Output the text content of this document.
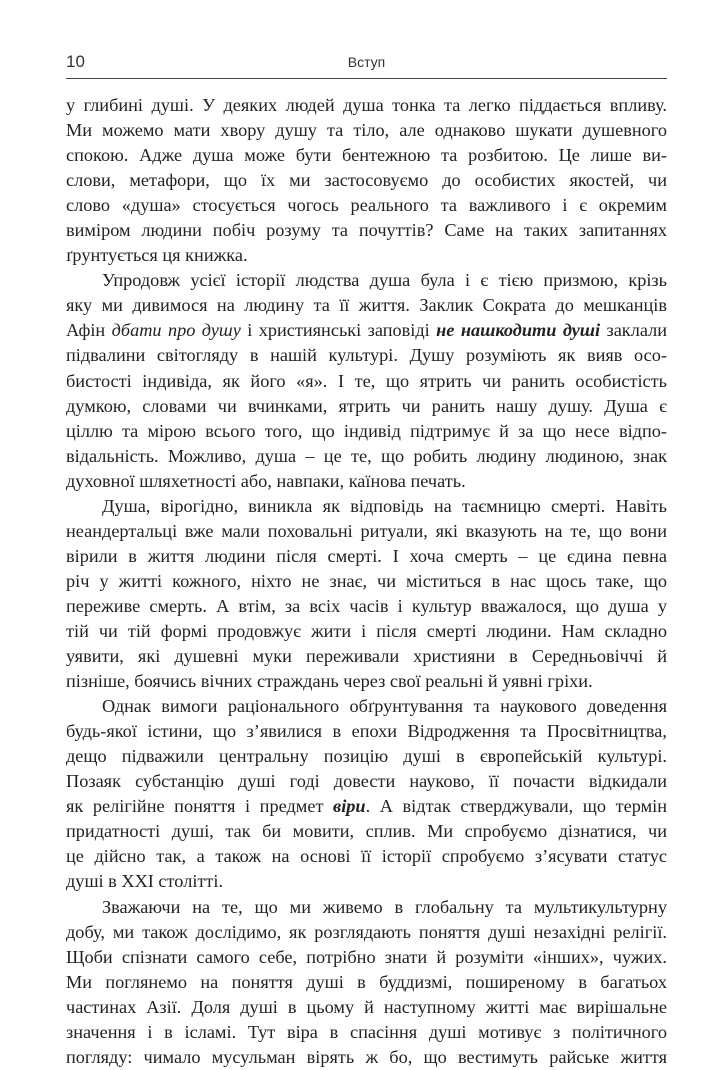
10	Вступ

у глибині душі. У деяких людей душа тонка та легко піддається впливу.
Ми можемо мати хвору душу та тіло, але однаково шукати душевного
спокою. Адже душа може бути бентежною та розбитою. Це лише ви-
слови, метафори, що їх ми застосовуємо до особистих якостей, чи
слово «душа» стосується чогось реального та важливого і є окремим
виміром людини побіч розуму та почуттів? Саме на таких запитаннях
ґрунтується ця книжка.

Упродовж усієї історії людства душа була і є тією призмою, крізь
яку ми дивимося на людину та її життя. Заклик Сократа до мешканців
Афін дбати про душу і християнські заповіді не нашкодити душі заклали
підвалини світогляду в нашій культурі. Душу розуміють як вияв осо-
бистості індивіда, як його «я». І те, що ятрить чи ранить особистість
думкою, словами чи вчинками, ятрить чи ранить нашу душу. Душа є
ціллю та мірою всього того, що індивід підтримує й за що несе відпо-
відальність. Можливо, душа – це те, що робить людину людиною, знак
духовної шляхетності або, навпаки, каїнова печать.

Душа, вірогідно, виникла як відповідь на таємницю смерті. Навіть
неандертальці вже мали поховальні ритуали, які вказують на те, що вони
вірили в життя людини після смерті. І хоча смерть – це єдина певна
річ у житті кожного, ніхто не знає, чи міститься в нас щось таке, що
переживе смерть. А втім, за всіх часів і культур вважалося, що душа у
тій чи тій формі продовжує жити і після смерті людини. Нам складно
уявити, які душевні муки переживали християни в Середньовіччі й
пізніше, боячись вічних страждань через свої реальні й уявні гріхи.

Однак вимоги раціонального обґрунтування та наукового доведення
будь-якої істини, що з’явилися в епохи Відродження та Просвітництва,
дещо підважили центральну позицію душі в європейській культурі.
Позаяк субстанцію душі годі довести науково, її почасти відкидали
як релігійне поняття і предмет віри. А відтак стверджували, що термін
придатності душі, так би мовити, сплив. Ми спробуємо дізнатися, чи
це дійсно так, а також на основі її історії спробуємо з’ясувати статус
душі в XXI столітті.

Зважаючи на те, що ми живемо в глобальну та мультикультурну
добу, ми також дослідимо, як розглядають поняття душі незахідні релігії.
Щоби спізнати самого себе, потрібно знати й розуміти «інших», чужих.
Ми поглянемо на поняття душі в буддизмі, поширеному в багатьох
частинах Азії. Доля душі в цьому й наступному житті має вирішальне
значення і в ісламі. Тут віра в спасіння душі мотивує з політичного
погляду: чимало мусульман вірять ж бо, що вестимуть райське життя
